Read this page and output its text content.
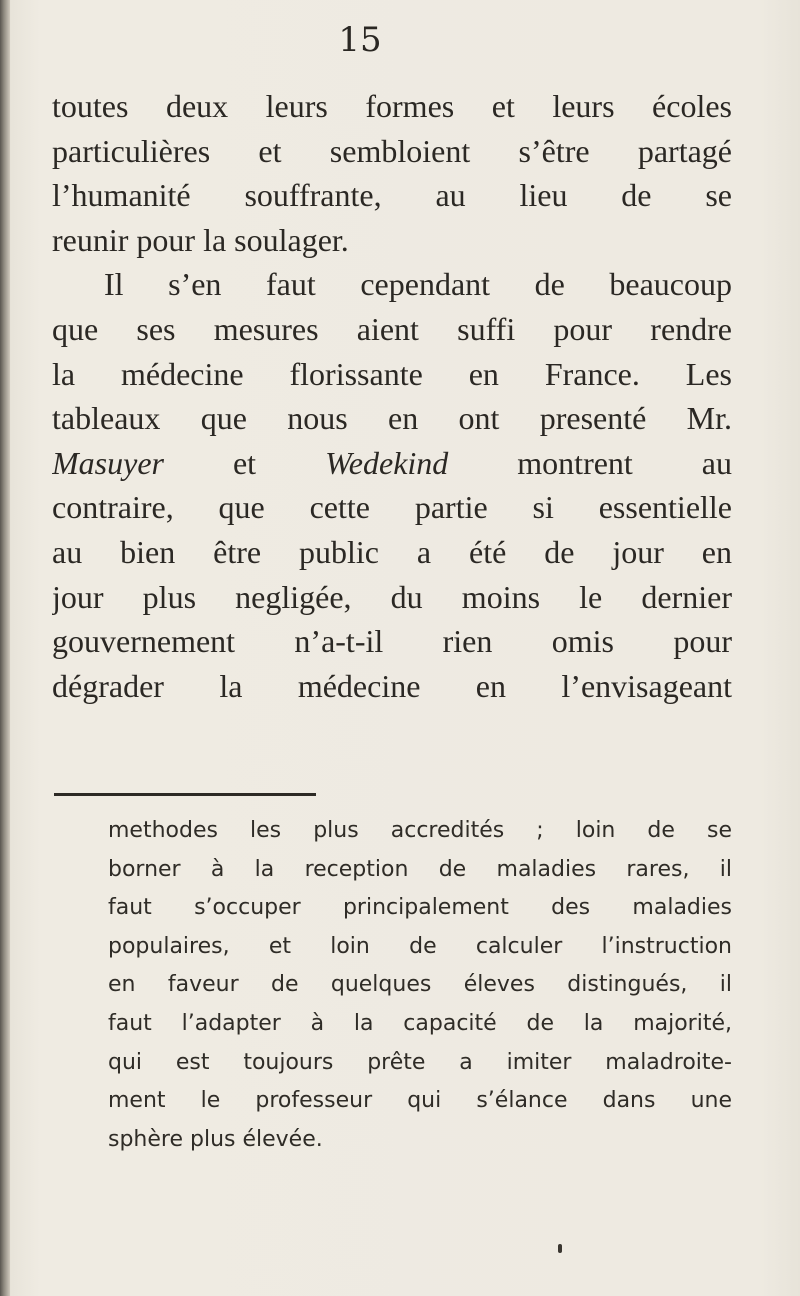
15
toutes deux leurs formes et leurs écoles
particulières et sembloient s’être partagé
l’humanité souffrante, au lieu de se
reunir pour la soulager.
Il s’en faut cependant de beaucoup
que ses mesures aient suffi pour rendre
la médecine florissante en France. Les
tableaux que nous en ont presenté Mr.
Masuyer et Wedekind montrent au
contraire, que cette partie si essentielle
au bien être public a été de jour en
jour plus negligée, du moins le dernier
gouvernement n’a-t-il rien omis pour
dégrader la médecine en l’envisageant
methodes les plus accredités ; loin de se
borner à la reception de maladies rares, il
faut s’occuper principalement des maladies
populaires, et loin de calculer l’instruction
en faveur de quelques éleves distingués, il
faut l’adapter à la capacité de la majorité,
qui est toujours prête a imiter maladroite-
ment le professeur qui s’élance dans une
sphère plus élevée.
